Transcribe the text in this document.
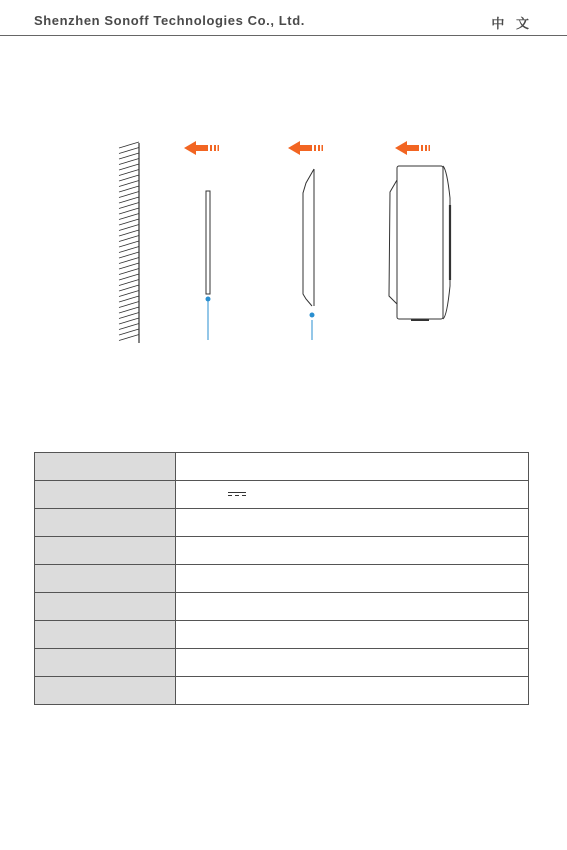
Shenzhen Sonoff Technologies Co., Ltd.	中 文
